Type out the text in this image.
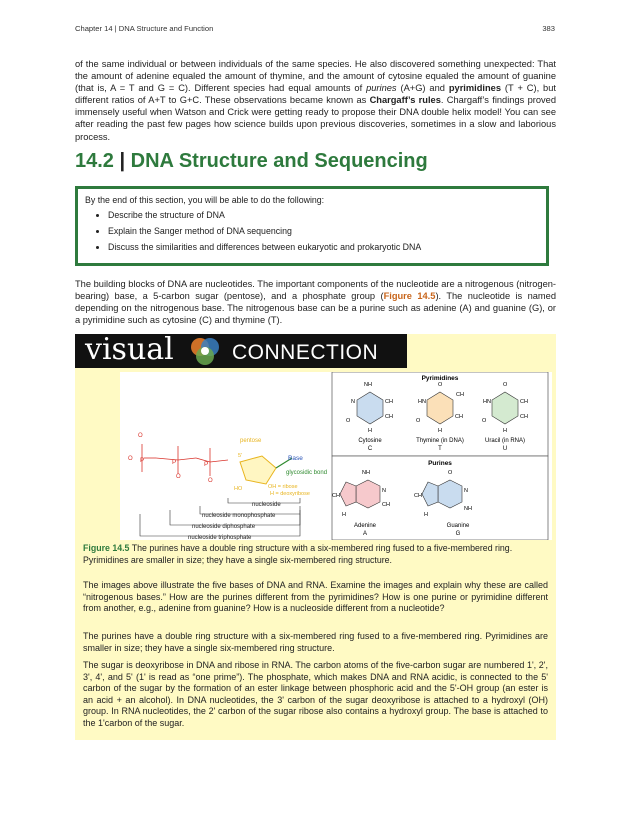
Chapter 14 | DNA Structure and Function	383
of the same individual or between individuals of the same species. He also discovered something unexpected: That the amount of adenine equaled the amount of thymine, and the amount of cytosine equaled the amount of guanine (that is, A = T and G = C). Different species had equal amounts of purines (A+G) and pyrimidines (T + C), but different ratios of A+T to G+C. These observations became known as Chargaff’s rules. Chargaff’s findings proved immensely useful when Watson and Crick were getting ready to propose their DNA double helix model! You can see after reading the past few pages how science builds upon previous discoveries, sometimes in a slow and laborious process.
14.2 | DNA Structure and Sequencing
By the end of this section, you will be able to do the following:
• Describe the structure of DNA
• Explain the Sanger method of DNA sequencing
• Discuss the similarities and differences between eukaryotic and prokaryotic DNA
The building blocks of DNA are nucleotides. The important components of the nucleotide are a nitrogenous (nitrogen-bearing) base, a 5-carbon sugar (pentose), and a phosphate group (Figure 14.5). The nucleotide is named depending on the nitrogenous base. The nitrogenous base can be a purine such as adenine (A) and guanine (G), or a pyrimidine such as cytosine (C) and thymine (T).
visual	CONNECTION
O
P	P	P
O
O
O
5'
pentose
Base
glycosidic bond
HO	OH = ribose
H = deoxyribose
nucleoside
nucleoside monophosphate
nucleoside diphosphate
nucleoside triphosphate
Pyrimidines
NH
N	CH
CH
O
H
Cytosine
C
O
CH
HN
CH
O
H
Thymine (in DNA)
T
O
HN	CH
CH
O
H
Uracil (in RNA)
U
Purines
NH
CH
N
CH
H
Adenine
A
O
CH
N
NH
H
Guanine
G
Figure 14.5 The purines have a double ring structure with a six-membered ring fused to a five-membered ring. Pyrimidines are smaller in size; they have a single six-membered ring structure.
The images above illustrate the five bases of DNA and RNA. Examine the images and explain why these are called “nitrogenous bases.” How are the purines different from the pyrimidines? How is one purine or pyrimidine different from another, e.g., adenine from guanine? How is a nucleoside different from a nucleotide?
The purines have a double ring structure with a six-membered ring fused to a five-membered ring. Pyrimidines are smaller in size; they have a single six-membered ring structure.
The sugar is deoxyribose in DNA and ribose in RNA. The carbon atoms of the five-carbon sugar are numbered 1', 2', 3', 4', and 5' (1' is read as “one prime”). The phosphate, which makes DNA and RNA acidic, is connected to the 5' carbon of the sugar by the formation of an ester linkage between phosphoric acid and the 5'-OH group (an ester is an acid + an alcohol). In DNA nucleotides, the 3' carbon of the sugar deoxyribose is attached to a hydroxyl (OH) group. In RNA nucleotides, the 2' carbon of the sugar ribose also contains a hydroxyl group. The base is attached to the 1'carbon of the sugar.
